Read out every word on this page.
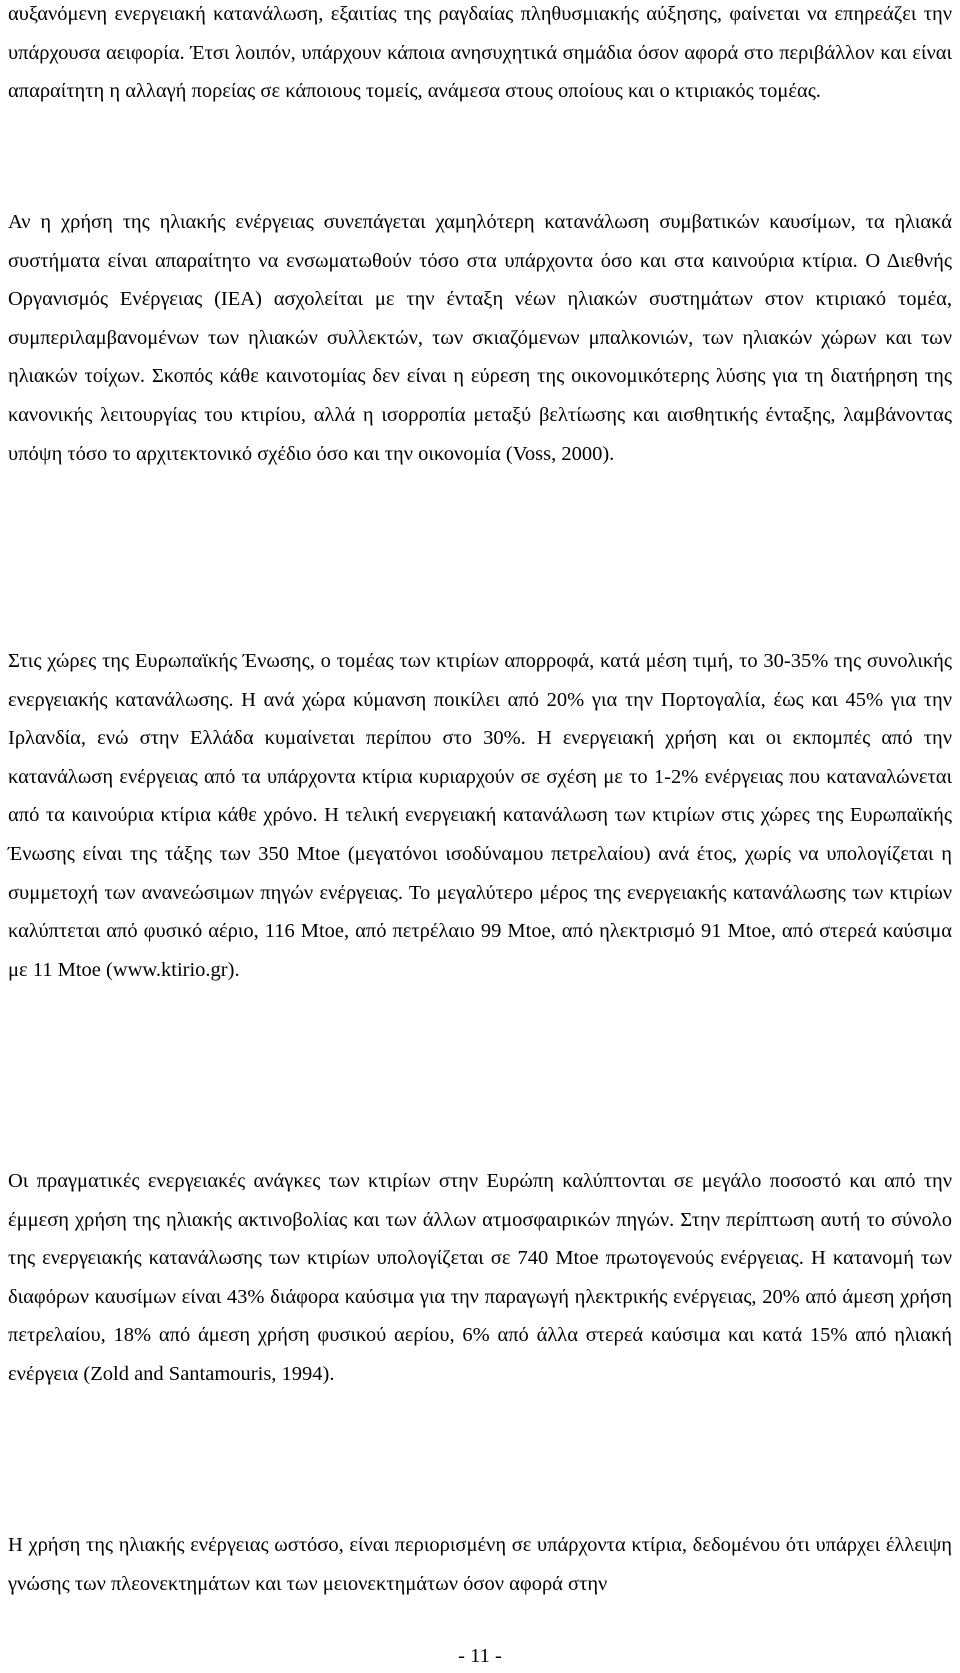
αυξανόμενη ενεργειακή κατανάλωση, εξαιτίας της ραγδαίας πληθυσμιακής αύξησης, φαίνεται να επηρεάζει την υπάρχουσα αειφορία. Έτσι λοιπόν, υπάρχουν κάποια ανησυχητικά σημάδια όσον αφορά στο περιβάλλον και είναι απαραίτητη η αλλαγή πορείας σε κάποιους τομείς, ανάμεσα στους οποίους και ο κτιριακός τομέας.

Αν η χρήση της ηλιακής ενέργειας συνεπάγεται χαμηλότερη κατανάλωση συμβατικών καυσίμων, τα ηλιακά συστήματα είναι απαραίτητο να ενσωματωθούν τόσο στα υπάρχοντα όσο και στα καινούρια κτίρια. Ο Διεθνής Οργανισμός Ενέργειας (IEA) ασχολείται με την ένταξη νέων ηλιακών συστημάτων στον κτιριακό τομέα, συμπεριλαμβανομένων των ηλιακών συλλεκτών, των σκιαζόμενων μπαλκονιών, των ηλιακών χώρων και των ηλιακών τοίχων. Σκοπός κάθε καινοτομίας δεν είναι η εύρεση της οικονομικότερης λύσης για τη διατήρηση της κανονικής λειτουργίας του κτιρίου, αλλά η ισορροπία μεταξύ βελτίωσης και αισθητικής ένταξης, λαμβάνοντας υπόψη τόσο το αρχιτεκτονικό σχέδιο όσο και την οικονομία (Voss, 2000).

Στις χώρες της Ευρωπαϊκής Ένωσης, ο τομέας των κτιρίων απορροφά, κατά μέση τιμή, το 30-35% της συνολικής ενεργειακής κατανάλωσης. Η ανά χώρα κύμανση ποικίλει από 20% για την Πορτογαλία, έως και 45% για την Ιρλανδία, ενώ στην Ελλάδα κυμαίνεται περίπου στο 30%. Η ενεργειακή χρήση και οι εκπομπές από την κατανάλωση ενέργειας από τα υπάρχοντα κτίρια κυριαρχούν σε σχέση με το 1-2% ενέργειας που καταναλώνεται από τα καινούρια κτίρια κάθε χρόνο. Η τελική ενεργειακή κατανάλωση των κτιρίων στις χώρες της Ευρωπαϊκής Ένωσης είναι της τάξης των 350 Mtoe (μεγατόνοι ισοδύναμου πετρελαίου) ανά έτος, χωρίς να υπολογίζεται η συμμετοχή των ανανεώσιμων πηγών ενέργειας. Το μεγαλύτερο μέρος της ενεργειακής κατανάλωσης των κτιρίων καλύπτεται από φυσικό αέριο, 116 Mtoe, από πετρέλαιο 99 Mtoe, από ηλεκτρισμό 91 Mtoe, από στερεά καύσιμα με 11 Mtoe (www.ktirio.gr).

Οι πραγματικές ενεργειακές ανάγκες των κτιρίων στην Ευρώπη καλύπτονται σε μεγάλο ποσοστό και από την έμμεση χρήση της ηλιακής ακτινοβολίας και των άλλων ατμοσφαιρικών πηγών. Στην περίπτωση αυτή το σύνολο της ενεργειακής κατανάλωσης των κτιρίων υπολογίζεται σε 740 Mtoe πρωτογενούς ενέργειας. Η κατανομή των διαφόρων καυσίμων είναι 43% διάφορα καύσιμα για την παραγωγή ηλεκτρικής ενέργειας, 20% από άμεση χρήση πετρελαίου, 18% από άμεση χρήση φυσικού αερίου, 6% από άλλα στερεά καύσιμα και κατά 15% από ηλιακή ενέργεια (Zold and Santamouris, 1994).

Η χρήση της ηλιακής ενέργειας ωστόσο, είναι περιορισμένη σε υπάρχοντα κτίρια, δεδομένου ότι υπάρχει έλλειψη γνώσης των πλεονεκτημάτων και των μειονεκτημάτων όσον αφορά στην

- 11 -
